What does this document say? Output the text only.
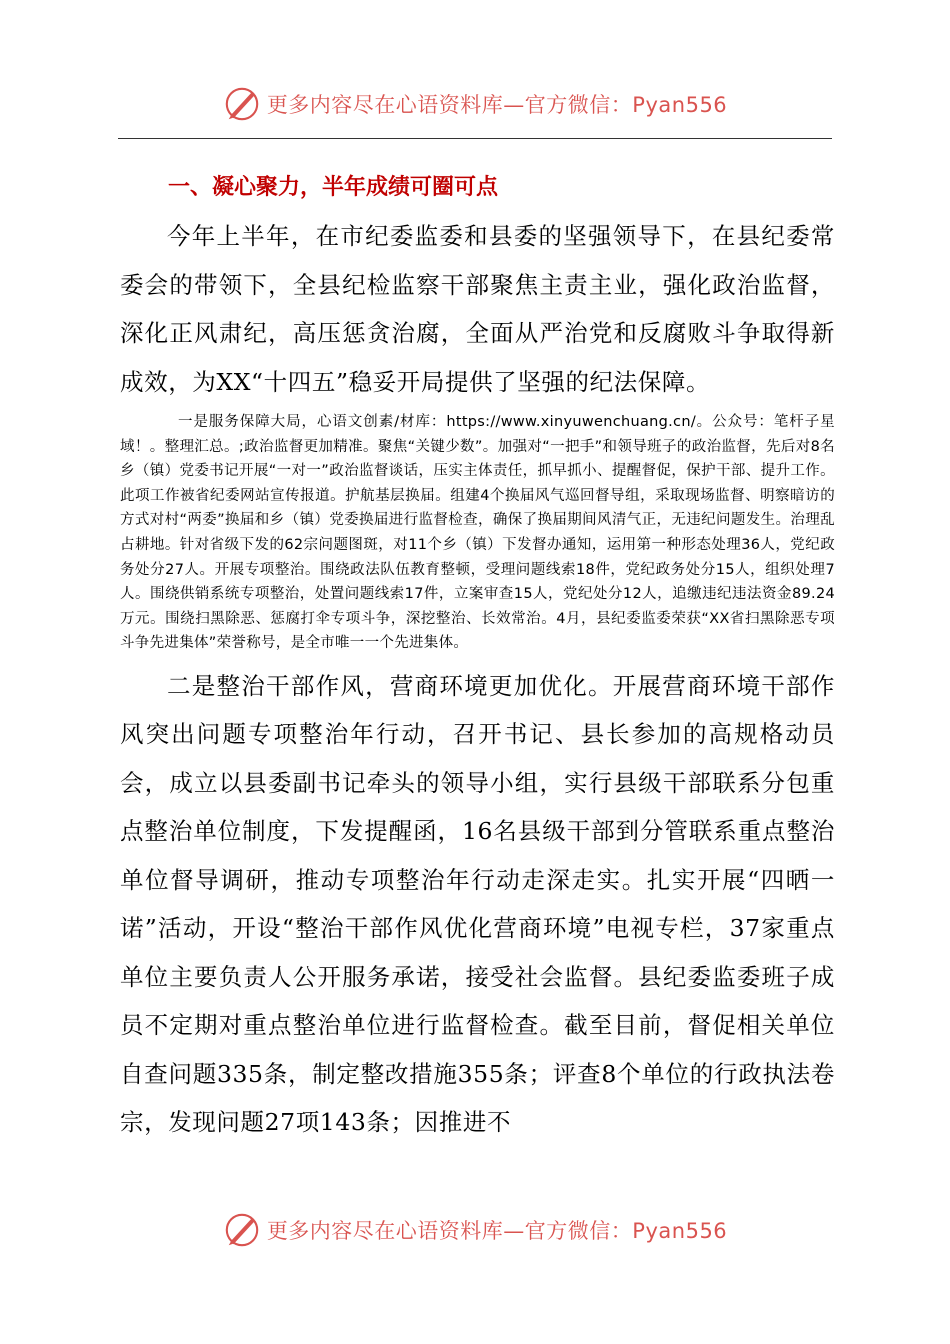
更多内容尽在心语资料库—官方微信：Pyan556
一、凝心聚力，半年成绩可圈可点

今年上半年，在市纪委监委和县委的坚强领导下，在县纪委常委会的带领下，全县纪检监察干部聚焦主责主业，强化政治监督，深化正风肃纪，高压惩贪治腐，全面从严治党和反腐败斗争取得新成效，为XX“十四五”稳妥开局提供了坚强的纪法保障。

一是服务保障大局，心语文创素/材库：https://www.xinyuwenchuang.cn/。公众号：笔杆子星域！。整理汇总。;政治监督更加精准。聚焦“关键少数”。加强对“一把手”和领导班子的政治监督，先后对8名乡（镇）党委书记开展“一对一”政治监督谈话，压实主体责任，抓早抓小、提醒督促，保护干部、提升工作。此项工作被省纪委网站宣传报道。护航基层换届。组建4个换届风气巡回督导组，采取现场监督、明察暗访的方式对村“两委”换届和乡（镇）党委换届进行监督检查，确保了换届期间风清气正，无违纪问题发生。治理乱占耕地。针对省级下发的62宗问题图斑，对11个乡（镇）下发督办通知，运用第一种形态处理36人，党纪政务处分27人。开展专项整治。围绕政法队伍教育整顿，受理问题线索18件，党纪政务处分15人，组织处理7人。围绕供销系统专项整治，处置问题线索17件，立案审查15人，党纪处分12人，追缴违纪违法资金89.24万元。围绕扫黑除恶、惩腐打伞专项斗争，深挖整治、长效常治。4月，县纪委监委荣获“XX省扫黑除恶专项斗争先进集体”荣誉称号，是全市唯一一个先进集体。

二是整治干部作风，营商环境更加优化。开展营商环境干部作风突出问题专项整治年行动，召开书记、县长参加的高规格动员会，成立以县委副书记牵头的领导小组，实行县级干部联系分包重点整治单位制度，下发提醒函，16名县级干部到分管联系重点整治单位督导调研，推动专项整治年行动走深走实。扎实开展“四晒一诺”活动，开设“整治干部作风优化营商环境”电视专栏，37家重点单位主要负责人公开服务承诺，接受社会监督。县纪委监委班子成员不定期对重点整治单位进行监督检查。截至目前，督促相关单位自查问题335条，制定整改措施355条；评查8个单位的行政执法卷宗，发现问题27项143条；因推进不

更多内容尽在心语资料库—官方微信：Pyan556
